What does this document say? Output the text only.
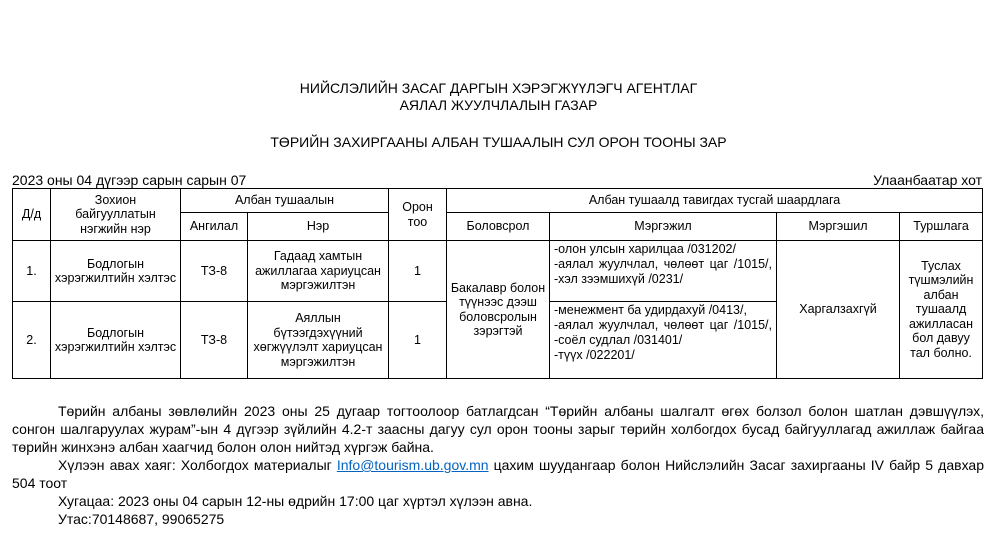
НИЙСЛЭЛИЙН ЗАСАГ ДАРГЫН ХЭРЭГЖҮҮЛЭГЧ АГЕНТЛАГ
АЯЛАЛ ЖУУЛЧЛАЛЫН ГАЗАР
ТӨРИЙН ЗАХИРГААНЫ АЛБАН ТУШААЛЫН СУЛ ОРОН ТООНЫ ЗАР
2023 оны 04 дүгээр сарын сарын 07	Улаанбаатар хот
Д/д	Зохион байгууллатын нэгжийн нэр	Албан тушаалын		Орон тоо	Албан тушаалд тавигдах тусгай шаардлага			
		Ангилал	Нэр		Боловсрол	Мэргэжил	Мэргэшил	Туршлага
1.	Бодлогын хэрэгжилтийн хэлтэс	ТЗ-8	Гадаад хамтын ажиллагаа хариуцсан мэргэжилтэн	1	Бакалавр болон түүнээс дээш боловсролын зэрэгтэй	-олон улсын харилцаа /031202/
-аялал жуулчлал, чөлөөт цаг /1015/,
-хэл зээмшихүй /0231/	Харгалзахгүй	Туслах түшмэлийн албан тушаалд ажилласан бол давуу тал болно.
2.	Бодлогын хэрэгжилтийн хэлтэс	ТЗ-8	Аяллын бүтээгдэхүүний хөгжүүлэлт хариуцсан мэргэжилтэн	1		-менежмент ба удирдахуй /0413/,
-аялал жуулчлал, чөлөөт цаг /1015/,
-соёл судлал /031401/
-түүх /022201/		

Төрийн албаны зөвлөлийн 2023 оны 25 дугаар тогтоолоор батлагдсан “Төрийн албаны шалгалт өгөх болзол болон шатлан дэвшүүлэх, сонгон шалгаруулах журам”-ын 4 дүгээр зүйлийн 4.2-т заасны дагуу сул орон тооны зарыг төрийн холбогдох бусад байгууллагад ажиллаж байгаа төрийн жинхэнэ албан хаагчид болон олон нийтэд хүргэж байна.

Хүлээн авах хаяг: Холбогдох материалыг Info@tourism.ub.gov.mn цахим шуудангаар болон Нийслэлийн Засаг захиргааны IV байр 5 давхар 504 тоот

Хугацаа: 2023 оны 04 сарын 12-ны өдрийн 17:00 цаг хүртэл хүлээн авна.

Утас:70148687, 99065275
